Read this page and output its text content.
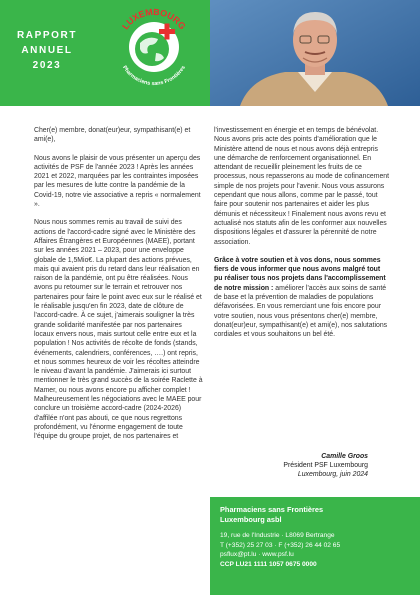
RAPPORT
ANNUEL
2023
LUXEMBOURG
Pharmaciens sans Frontières

Cher(e) membre, donat(eur)eur, sympathisant(e) et ami(e),

Nous avons le plaisir de vous présenter un aperçu des activités de PSF de l'année 2023 ! Après les années 2021 et 2022, marquées par les contraintes imposées par les mesures de lutte contre la pandémie de la Covid-19, notre vie associative a repris « normalement ».

Nous nous sommes remis au travail de suivi des actions de l'accord-cadre signé avec le Ministère des Affaires Étrangères et Européennes (MAEE), portant sur les années 2021 – 2023, pour une enveloppe globale de 1,5Mio€. La plupart des actions prévues, mais qui avaient pris du retard dans leur réalisation en raison de la pandémie, ont pu être réalisées. Nous avons pu retourner sur le terrain et retrouver nos partenaires pour faire le point avec eux sur le réalisé et le réalisable jusqu'en fin 2023, date de clôture de l'accord-cadre. À ce sujet, j'aimerais souligner la très grande solidarité manifestée par nos partenaires locaux envers nous, mais surtout celle entre eux et la population ! Nos activités de récolte de fonds (stands, événements, calendriers, conférences, ….) ont repris, et nous sommes heureux de voir les récoltes atteindre le niveau d'avant la pandémie. J'aimerais ici surtout mentionner le très grand succès de la soirée Raclette à Mamer, ou nous avons encore pu afficher complet ! Malheureusement les négociations avec le MAEE pour conclure un troisième accord-cadre (2024-2026) d'affilée n'ont pas abouti, ce que nous regrettons profondément, vu l'énorme engagement de toute l'équipe du groupe projet, de nos partenaires et

l'investissement en énergie et en temps de bénévolat. Nous avons pris acte des points d'amélioration que le Ministère attend de nous et nous avons déjà entrepris une démarche de renforcement organisationnel. En attendant de recueillir pleinement les fruits de ce processus, nous repasserons au mode de cofinancement simple de nos projets pour l'avenir. Nous vous assurons cependant que nous allons, comme par le passé, tout faire pour soutenir nos partenaires et aider les plus démunis et nécessiteux ! Finalement nous avons revu et actualisé nos statuts afin de les conformer aux nouvelles dispositions légales et d'assurer la pérennité de notre association.

Grâce à votre soutien et à vos dons, nous sommes fiers de vous informer que nous avons malgré tout pu réaliser tous nos projets dans l'accomplissement de notre mission : améliorer l'accès aux soins de santé de base et la prévention de maladies de populations défavorisées. En vous remerciant une fois encore pour votre soutien, nous vous présentons cher(e) membre, donat(eur)eur, sympathisant(e) et ami(e), nos salutations cordiales et vous souhaitons un bel été.

Camille Groos
Président PSF Luxembourg
Luxembourg, juin 2024
Pharmaciens sans Frontières
Luxembourg asbl
19, rue de l'Industrie · L8069 Bertrange
T (+352) 25 27 03 · F (+352) 26 44 02 65
psflux@pt.lu · www.psf.lu
CCP LU21 1111 1057 0675 0000
